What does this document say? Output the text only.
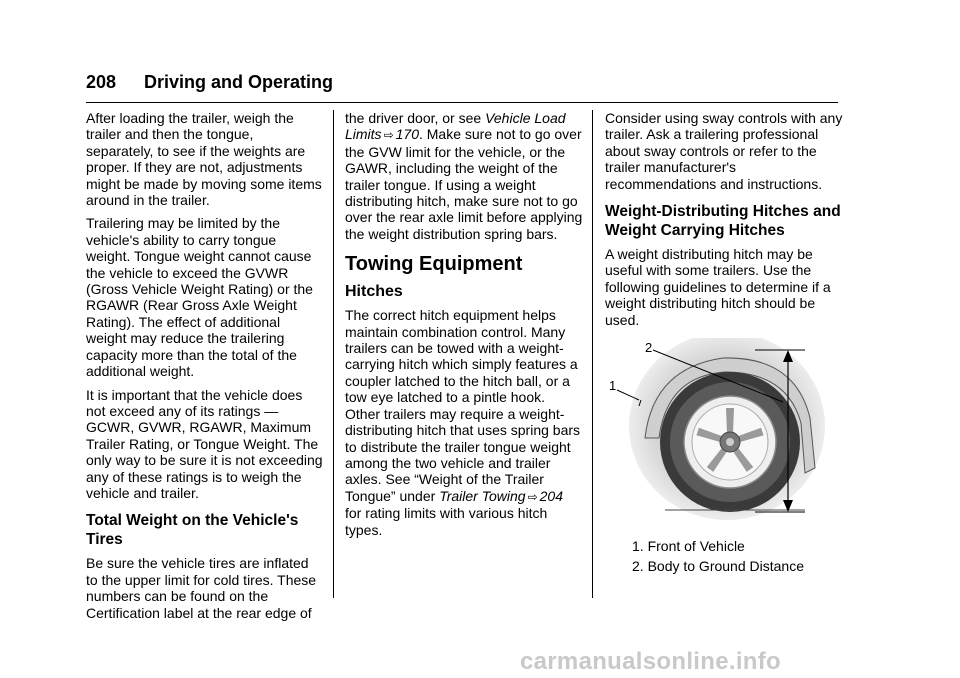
208 Driving and Operating

After loading the trailer, weigh the trailer and then the tongue, separately, to see if the weights are proper. If they are not, adjustments might be made by moving some items around in the trailer.

Trailering may be limited by the vehicle's ability to carry tongue weight. Tongue weight cannot cause the vehicle to exceed the GVWR (Gross Vehicle Weight Rating) or the RGAWR (Rear Gross Axle Weight Rating). The effect of additional weight may reduce the trailering capacity more than the total of the additional weight.

It is important that the vehicle does not exceed any of its ratings — GCWR, GVWR, RGAWR, Maximum Trailer Rating, or Tongue Weight. The only way to be sure it is not exceeding any of these ratings is to weigh the vehicle and trailer.

Total Weight on the Vehicle's Tires

Be sure the vehicle tires are inflated to the upper limit for cold tires. These numbers can be found on the Certification label at the rear edge of

the driver door, or see Vehicle Load Limits ⇨ 170. Make sure not to go over the GVW limit for the vehicle, or the GAWR, including the weight of the trailer tongue. If using a weight distributing hitch, make sure not to go over the rear axle limit before applying the weight distribution spring bars.

Towing Equipment
Hitches

The correct hitch equipment helps maintain combination control. Many trailers can be towed with a weight-carrying hitch which simply features a coupler latched to the hitch ball, or a tow eye latched to a pintle hook. Other trailers may require a weight-distributing hitch that uses spring bars to distribute the trailer tongue weight among the two vehicle and trailer axles. See “Weight of the Trailer Tongue” under Trailer Towing ⇨ 204 for rating limits with various hitch types.

Consider using sway controls with any trailer. Ask a trailering professional about sway controls or refer to the trailer manufacturer's recommendations and instructions.

Weight-Distributing Hitches and Weight Carrying Hitches

A weight distributing hitch may be useful with some trailers. Use the following guidelines to determine if a weight distributing hitch should be used.

2
1
1. Front of Vehicle
2. Body to Ground Distance
carmanualsonline.info
